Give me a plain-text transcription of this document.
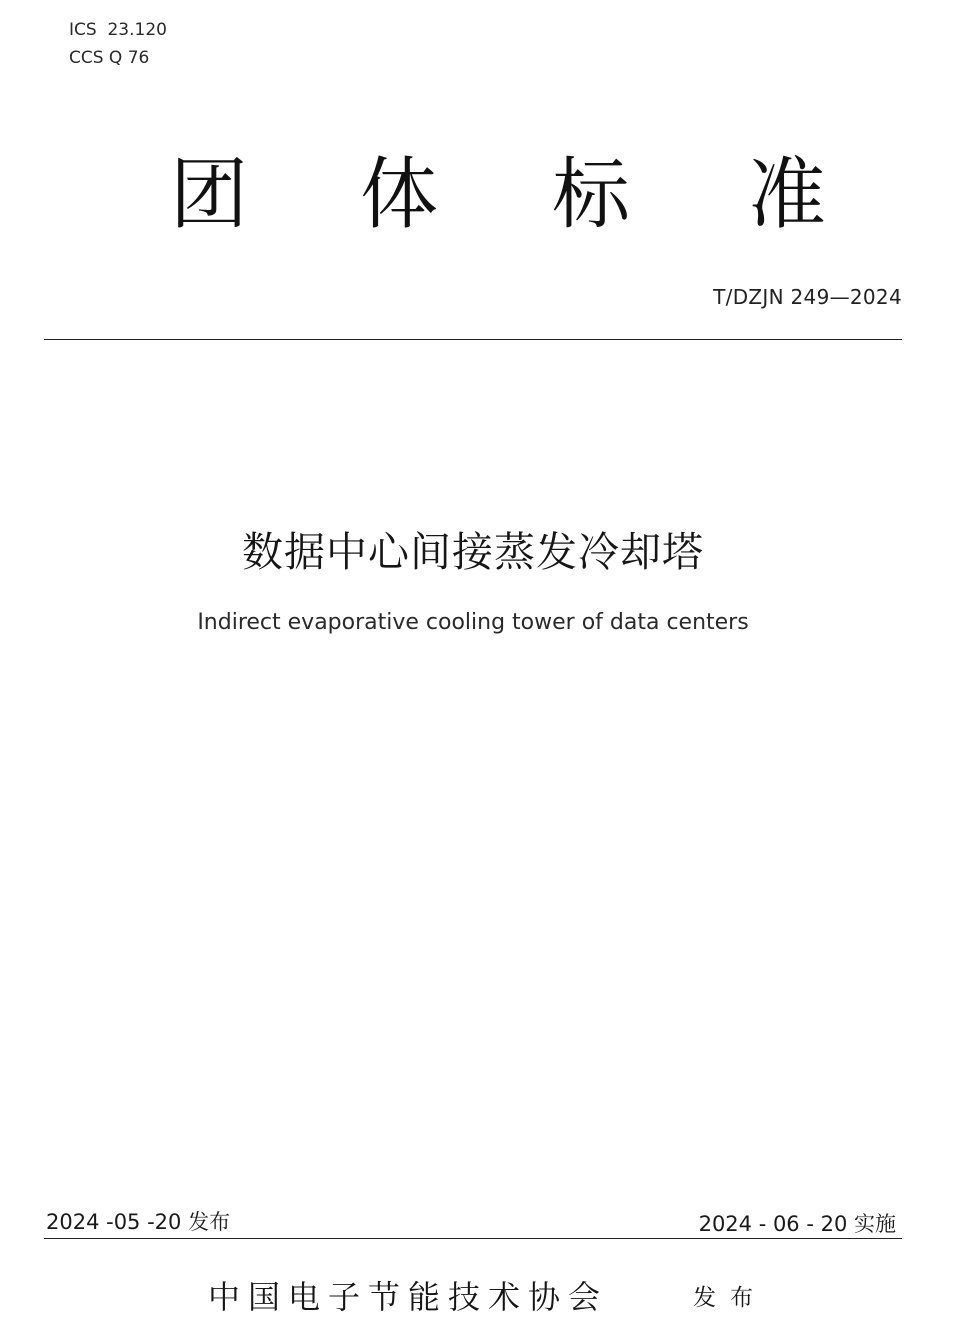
ICS  23.120
CCS Q 76
团 体 标 准
T/DZJN 249—2024
数据中心间接蒸发冷却塔
Indirect evaporative cooling tower of data centers
2024 -05 -20 发布	2024 - 06 - 20 实施
中国电子节能技术协会	发布
